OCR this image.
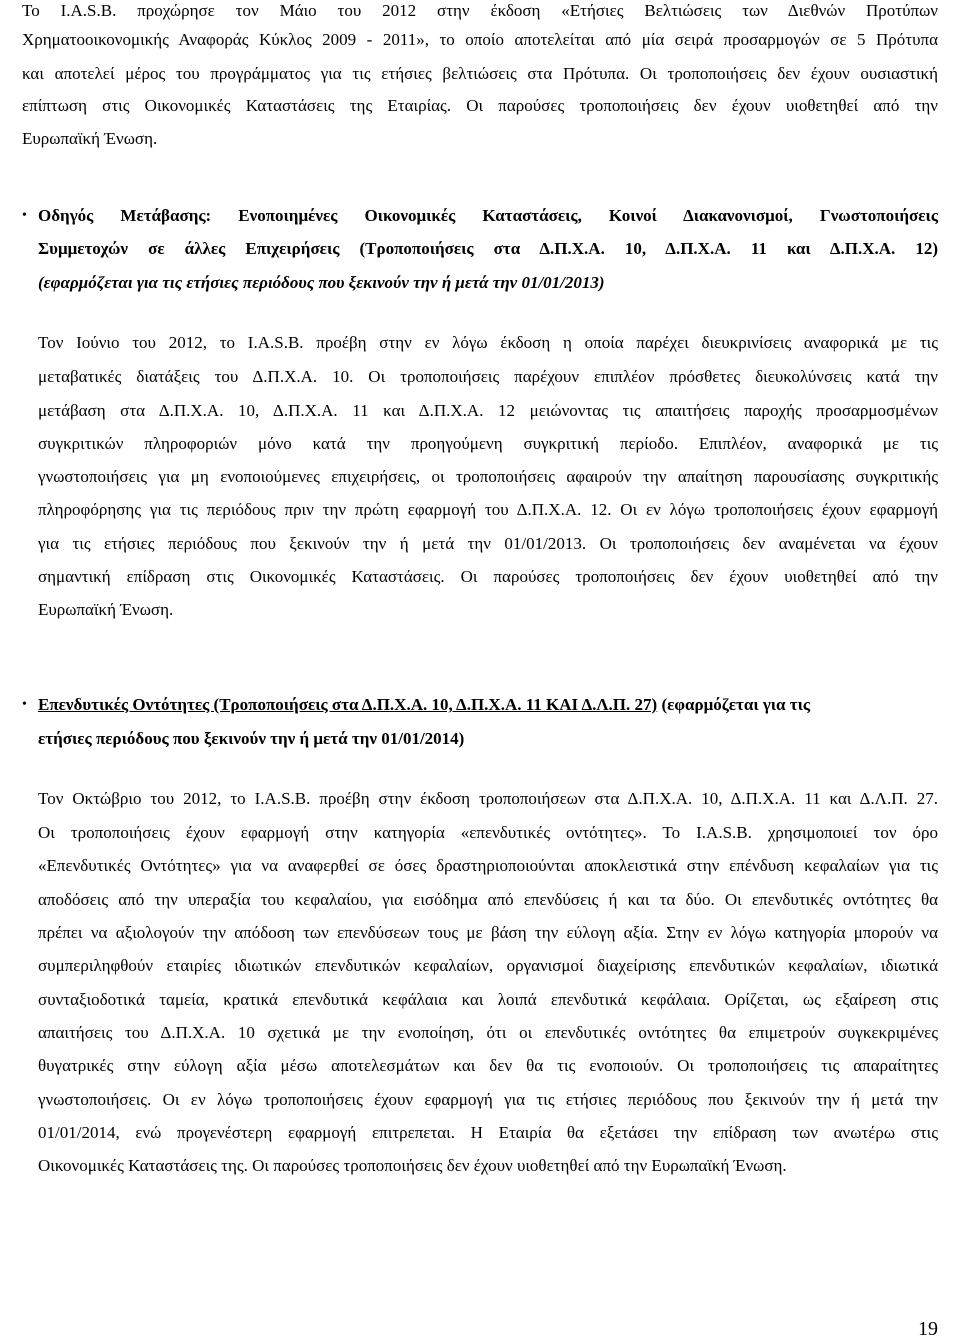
Το I.A.S.B. προχώρησε τον Μάιο του 2012 στην έκδοση «Ετήσιες Βελτιώσεις των Διεθνών Προτύπων
Χρηματοοικονομικής Αναφοράς Κύκλος 2009 - 2011», το οποίο αποτελείται από μία σειρά προσαρμογών σε 5 Πρότυπα
και αποτελεί μέρος του προγράμματος για τις ετήσιες βελτιώσεις στα Πρότυπα. Οι τροποποιήσεις δεν έχουν ουσιαστική
επίπτωση στις Οικονομικές Καταστάσεις της Εταιρίας. Οι παρούσες τροποποιήσεις δεν έχουν υιοθετηθεί από την
Ευρωπαϊκή Ένωση.
• Οδηγός Μετάβασης: Ενοποιημένες Οικονομικές Καταστάσεις, Κοινοί Διακανονισμοί, Γνωστοποιήσεις
Συμμετοχών σε άλλες Επιχειρήσεις (Τροποποιήσεις στα Δ.Π.Χ.Α. 10, Δ.Π.Χ.Α. 11 και Δ.Π.Χ.Α. 12)
(εφαρμόζεται για τις ετήσιες περιόδους που ξεκινούν την ή μετά την 01/01/2013)
Τον Ιούνιο του 2012, το I.A.S.B. προέβη στην εν λόγω έκδοση η οποία παρέχει διευκρινίσεις αναφορικά με τις
μεταβατικές διατάξεις του Δ.Π.Χ.Α. 10. Οι τροποποιήσεις παρέχουν επιπλέον πρόσθετες διευκολύνσεις κατά την
μετάβαση στα Δ.Π.Χ.Α. 10, Δ.Π.Χ.Α. 11 και Δ.Π.Χ.Α. 12 μειώνοντας τις απαιτήσεις παροχής προσαρμοσμένων
συγκριτικών πληροφοριών μόνο κατά την προηγούμενη συγκριτική περίοδο. Επιπλέον, αναφορικά με τις
γνωστοποιήσεις για μη ενοποιούμενες επιχειρήσεις, οι τροποποιήσεις αφαιρούν την απαίτηση παρουσίασης συγκριτικής
πληροφόρησης για τις περιόδους πριν την πρώτη εφαρμογή του Δ.Π.Χ.Α. 12. Οι εν λόγω τροποποιήσεις έχουν εφαρμογή
για τις ετήσιες περιόδους που ξεκινούν την ή μετά την 01/01/2013. Οι τροποποιήσεις δεν αναμένεται να έχουν
σημαντική επίδραση στις Οικονομικές Καταστάσεις. Οι παρούσες τροποποιήσεις δεν έχουν υιοθετηθεί από την
Ευρωπαϊκή Ένωση.
• Επενδυτικές Οντότητες (Τροποποιήσεις στα Δ.Π.Χ.Α. 10, Δ.Π.Χ.Α. 11 ΚΑΙ Δ.Λ.Π. 27) (εφαρμόζεται για τις
ετήσιες περιόδους που ξεκινούν την ή μετά την 01/01/2014)
Τον Οκτώβριο του 2012, το I.A.S.B. προέβη στην έκδοση τροποποιήσεων στα Δ.Π.Χ.Α. 10, Δ.Π.Χ.Α. 11 και Δ.Λ.Π. 27.
Οι τροποποιήσεις έχουν εφαρμογή στην κατηγορία «επενδυτικές οντότητες». Το I.A.S.B. χρησιμοποιεί τον όρο
«Επενδυτικές Οντότητες» για να αναφερθεί σε όσες δραστηριοποιούνται αποκλειστικά στην επένδυση κεφαλαίων για τις
αποδόσεις από την υπεραξία του κεφαλαίου, για εισόδημα από επενδύσεις ή και τα δύο. Οι επενδυτικές οντότητες θα
πρέπει να αξιολογούν την απόδοση των επενδύσεων τους με βάση την εύλογη αξία. Στην εν λόγω κατηγορία μπορούν να
συμπεριληφθούν εταιρίες ιδιωτικών επενδυτικών κεφαλαίων, οργανισμοί διαχείρισης επενδυτικών κεφαλαίων, ιδιωτικά
συνταξιοδοτικά ταμεία, κρατικά επενδυτικά κεφάλαια και λοιπά επενδυτικά κεφάλαια. Ορίζεται, ως εξαίρεση στις
απαιτήσεις του Δ.Π.Χ.Α. 10 σχετικά με την ενοποίηση, ότι οι επενδυτικές οντότητες θα επιμετρούν συγκεκριμένες
θυγατρικές στην εύλογη αξία μέσω αποτελεσμάτων και δεν θα τις ενοποιούν. Οι τροποποιήσεις τις απαραίτητες
γνωστοποιήσεις. Οι εν λόγω τροποποιήσεις έχουν εφαρμογή για τις ετήσιες περιόδους που ξεκινούν την ή μετά την
01/01/2014, ενώ προγενέστερη εφαρμογή επιτρεπεται. Η Εταιρία θα εξετάσει την επίδραση των ανωτέρω στις
Οικονομικές Καταστάσεις της. Οι παρούσες τροποποιήσεις δεν έχουν υιοθετηθεί από την Ευρωπαϊκή Ένωση.
19
